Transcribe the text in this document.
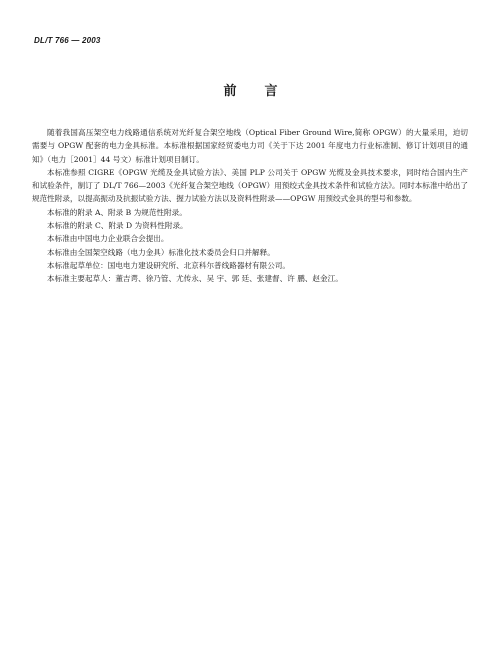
DL/T 766 — 2003
前 言

随着我国高压架空电力线路通信系统对光纤复合架空地线（Optical Fiber Ground Wire,简称 OPGW）的大量采用，迫切需要与 OPGW 配套的电力金具标准。本标准根据国家经贸委电力司《关于下达 2001 年度电力行业标准制、修订计划项目的通知》（电力［2001］44 号文）标准计划项目制订。

本标准参照 CIGRE《OPGW 光缆及金具试验方法》、美国 PLP 公司关于 OPGW 光缆及金具技术要求，同时结合国内生产和试验条件，制订了 DL/T 766—2003《光纤复合架空地线（OPGW）用预绞式金具技术条件和试验方法》。同时本标准中给出了规范性附录，以提高振动及抗振试验方法、握力试验方法以及资料性附录——OPGW 用预绞式金具的型号和参数。

本标准的附录 A、附录 B 为规范性附录。

本标准的附录 C、附录 D 为资料性附录。

本标准由中国电力企业联合会提出。

本标准由全国架空线路（电力金具）标准化技术委员会归口并解释。

本标准起草单位：国电电力建设研究所、北京科尔普线路器材有限公司。

本标准主要起草人：董吉谔、徐乃管、尤传永、吴 宇、郭 廷、张建督、许 鹏、赵金江。
